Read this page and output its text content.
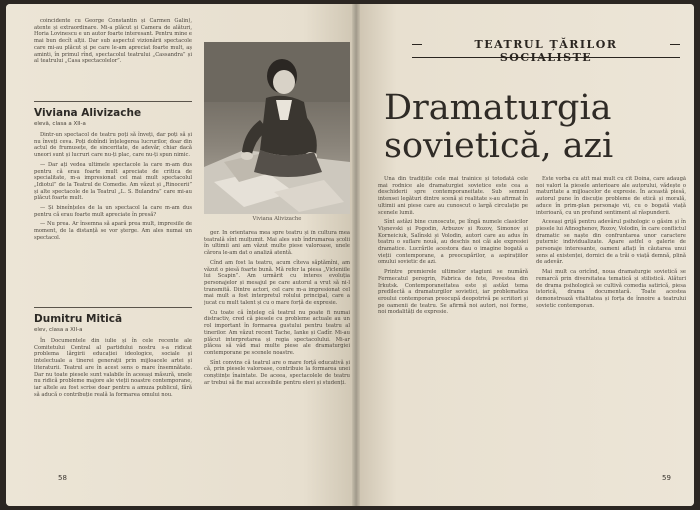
coincidente cu George Constantin și Carmen Galin), atente și extraordinare. Mi-a plăcut și Camera de alături, Horia Lovinescu e un autor foarte interesant. Pentru mine e mai bun decît alții. Dar sub aspectul vizionării spectacole care mi-au plăcut și pe care le-am apreciat foarte mult, aș aminti, în primul rînd, spectacolul teatrului „Cassandra” și al teatrului „Casa spectacolelor”.

Viviana Alivizache
elevă, clasa a XII-a

Dintr-un spectacol de teatru poți să înveți, dar poți să și nu înveți ceva. Poți dobîndi înțelegerea lucrurilor, doar din actul de frumusețe, de sinceritate, de adevăr, chiar dacă uneori sunt și lucruri care nu-ți plac, care nu-ți spun nimic.

— Dar ați vedea ultimele spectacole la care m-am dus pentru că erau foarte mult apreciate de critica de specialitate, m-a impresionat cel mai mult spectacolul „Idiotul” de la Teatrul de Comedie. Am văzut și „Rinocerii” și alte spectacole de la Teatrul „L. S. Bulandra” care mi-au plăcut foarte mult.

— Și bineînțeles de la un spectacol la care m-am dus pentru că erau foarte mult apreciate în presă?

— Nu prea. Ar însemna să apară prea mult, impresiile de moment, de la distanță se vor şterge. Am ales numai un spectacol.

Dumitru Mitică
elev, clasa a XII-a

În Documentele din iulie și în cele recente ale Comitetului Central al partidului nostru s-a ridicat problema lărgirii educației ideologice, sociale și intelectuale a tinerei generații prin mijloacele artei și literaturii. Teatrul are în acest sens o mare însemnătate. Dar nu toate piesele sunt valabile în aceeași măsură, unele nu ridică probleme majore ale vieții noastre contemporane, iar altele au fost scrise doar pentru a amuza publicul, fără să aducă o contribuție reală la formarea omului nou.

Viviana Alivizache

ger. În orientarea mea spre teatru și în cultura mea teatrală sînt mulțumit. Mai ales sub îndrumarea școlii în ultimii ani am văzut multe piese valoroase, unele cărora le-am dat o analiză atentă.

Cînd am fost la teatru, acum cîteva săptămîni, am văzut o piesă foarte bună. Mă refer la piesa „Vicleniile lui Scapin”. Am urmărit cu interes evoluția personajelor și mesajul pe care autorul a vrut să ni-l transmită. Dintre actori, cel care m-a impresionat cel mai mult a fost interpretul rolului principal, care a jucat cu mult talent și cu o mare forță de expresie.

Cu toate că înțeleg că teatrul nu poate fi numai distractiv, cred că piesele cu probleme actuale au un rol important în formarea gustului pentru teatru al tinerilor. Am văzut recent Tache, Ianke și Cadîr. Mi-au plăcut interpretarea și regia spectacolului. Mi-ar plăcea să văd mai multe piese ale dramaturgiei contemporane pe scenele noastre.

Sînt convins că teatrul are o mare forță educativă și că, prin piesele valoroase, contribuie la formarea unei conștiințe înaintate. De aceea, spectacolele de teatru ar trebui să fie mai accesibile pentru elevi și studenți.

58
TEATRUL ȚĂRILOR SOCIALISTE
Dramaturgia sovietică, azi

Una din tradițiile cele mai trainice și totodată cele mai rodnice ale dramaturgiei sovietice este cea a deschiderii spre contemporaneitate. Sub semnul intensei legături dintre scenă și realitate s-au afirmat în ultimii ani piese care au cunoscut o largă circulație pe scenele lumii.

Sînt astăzi bine cunoscute, pe lîngă numele clasicilor Vișnevski și Pogodin, Arbuzov și Rozov, Simonov și Korneiciuk, Salînski și Volodin, autori care au adus în teatru o suflare nouă, au deschis noi căi ale expresiei dramatice. Lucrările acestora dau o imagine bogată a vieții contemporane, a preocupărilor, a aspirațiilor omului sovietic de azi.

Printre premierele ultimelor stagiuni se numără Fermecatul peregrin, Fabrica de fete, Povestea din Irkutsk. Contemporaneitatea este și astăzi tema predilectă a dramaturgilor sovietici, iar problematica eroului contemporan preocupă deopotrivă pe scriitori și pe oamenii de teatru. Se afirmă noi autori, noi forme, noi modalități de expresie.

Este vorba cu atît mai mult cu cît Doina, care adaugă noi valori la piesele anterioare ale autorului, vădește o maturitate a mijloacelor de expresie. În această piesă, autorul pune în discuție probleme de etică și morală, aduce în prim-plan personaje vii, cu o bogată viață interioară, cu un profund sentiment al răspunderii.

Aceeași grijă pentru adevărul psihologic o găsim și în piesele lui Afinoghenov, Rozov, Volodin, în care conflictul dramatic se naște din confruntarea unor caractere puternic individualizate. Apare astfel o galerie de personaje interesante, oameni aflați în căutarea unui sens al existenței, dornici de a trăi o viață demnă, plină de adevăr.

Mai mult ca oricînd, noua dramaturgie sovietică se remarcă prin diversitatea tematică și stilistică. Alături de drama psihologică se cultivă comedia satirică, piesa istorică, drama documentară. Toate acestea demonstrează vitalitatea și forța de înnoire a teatrului sovietic contemporan.

59
